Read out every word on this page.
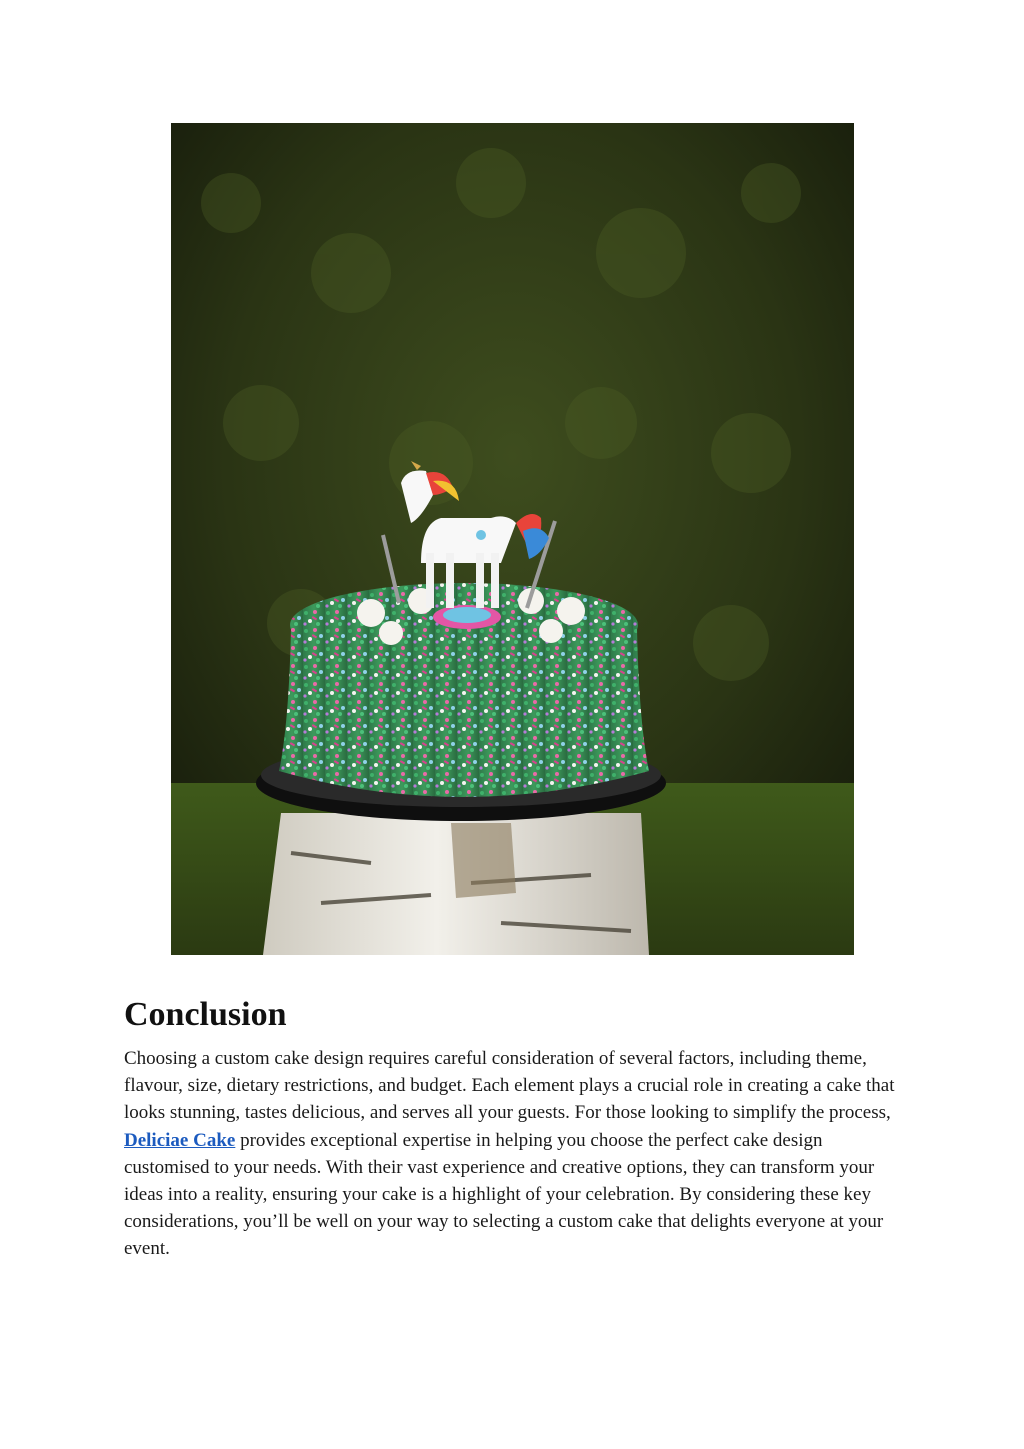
Conclusion

Choosing a custom cake design requires careful consideration of several factors, including theme, flavour, size, dietary restrictions, and budget. Each element plays a crucial role in creating a cake that looks stunning, tastes delicious, and serves all your guests. For those looking to simplify the process, Deliciae Cake provides exceptional expertise in helping you choose the perfect cake design customised to your needs. With their vast experience and creative options, they can transform your ideas into a reality, ensuring your cake is a highlight of your celebration. By considering these key considerations, you’ll be well on your way to selecting a custom cake that delights everyone at your event.
